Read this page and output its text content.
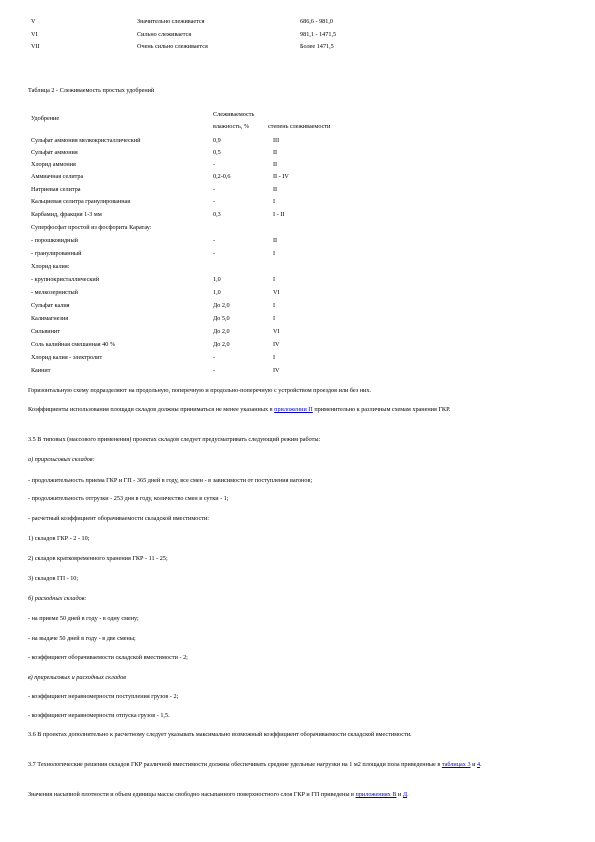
V	Значительно слеживается	686,6 - 981,0
VI	Сильно слеживается	981,1 - 1471,5
VII	Очень сильно слеживается	Более 1471,5
Таблица 2 - Слеживаемость простых удобрений
Удобрение
Слеживаемость
влажность, %	степень слеживаемости
Сульфат аммония мелкокристаллический	0,9	III
Сульфат аммония	0,5	II
Хлорид аммония	-	II
Аммиачная селитра	0,2-0,6	II - IV
Натриевая селитра	-	II
Кальциевая селитра гранулированная	-	I
Карбамид, фракция 1-3 мм	0,3	I - II
Суперфосфат простой из фосфорита Каратау:
- порошковидный	-	II
- гранулированный	-	I
Хлорид калия:
- крупнокристаллический	1,0	I
- мелкозернистый	1,0	VI
Сульфат калия	До 2,0	I
Калимагнезия	До 5,0	I
Сильвинит	До 2,0	VI
Соль калийная смешанная 40 %	До 2,0	IV
Хлорид калия - электролит	-	I
Каинит	-	IV
Горизонтальную схему подразделяют на продольную, поперечную и продольно-поперечную с устройством проездов или без них.
Коэффициенты использования площади складов должны приниматься не менее указанных в приложении П применительно к различным схемам хранения ГКР.
3.5 В типовых (массового применения) проектах складов следует предусматривать следующий режим работы:
а) прирельсовых складов:
- продолжительность приема ГКР и ГП - 365 дней в году, все смен - в зависимости от поступления вагонов;
- продолжительность отгрузки - 253 дня в году, количество смен в сутки - 1;
- расчетный коэффициент оборачиваемости складской вместимости:
1) складов ГКР - 2 - 10;
2) складов кратковременного хранения ГКР - 11 - 25;
3) складов ГП - 10;
б) расходных складов:
- на приеме 50 дней в году - в одну смену;
- на выдаче 50 дней в году - в две смены;
- коэффициент оборачиваемости складской вместимости - 2;
в) прирельсовых и расходных складов
- коэффициент неравномерности поступления грузов - 2;
- коэффициент неравномерности отпуска грузов - 1,5.
3.6 В проектах дополнительно к расчетному следует указывать максимально возможный коэффициент оборачиваемости складской вместимости.
3.7 Технологические решения складов ГКР различной вместимости должны обеспечивать средние удельные нагрузки на 1 м2 площади пола приведенные в таблицах 3 и 4.
Значения насыпной плотности и объем единицы массы свободно насыпанного поверхностного слоя ГКР и ГП приведены в приложениях В и Д.
